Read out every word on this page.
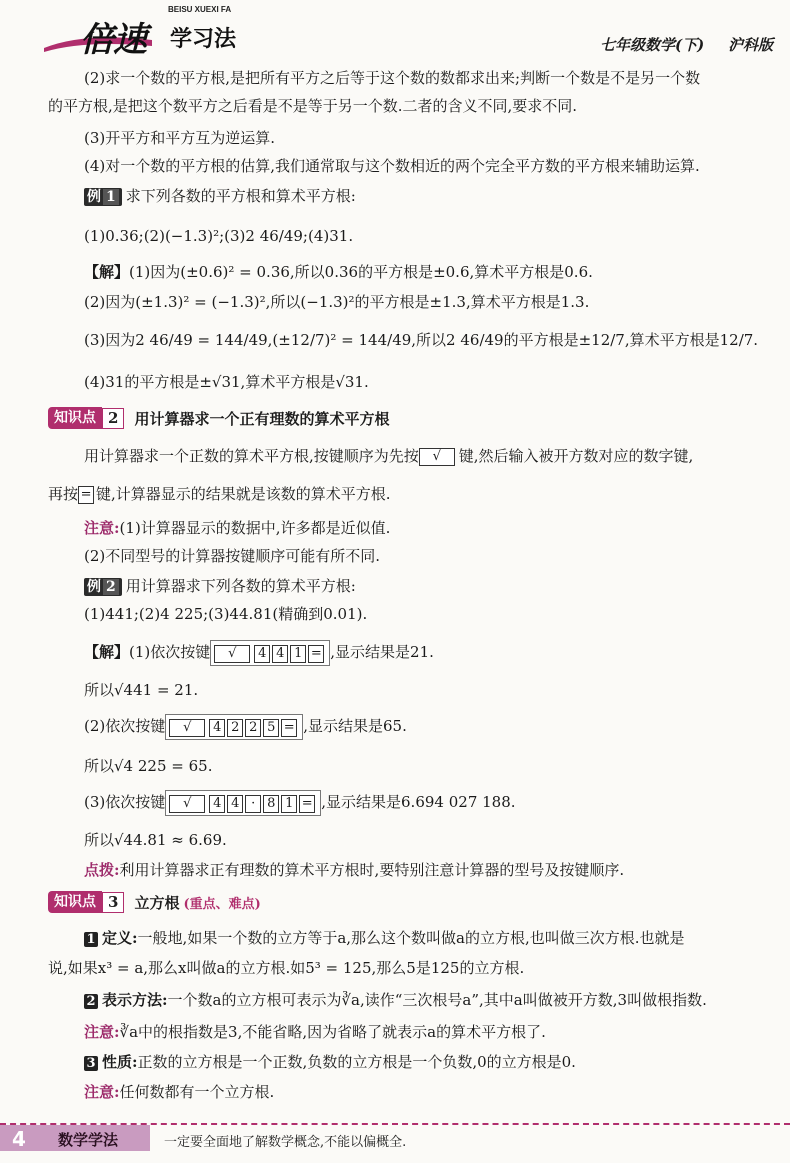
倍速
BEISU XUEXI FA
学习法	七年级数学(下) 沪科版
(2)求一个数的平方根,是把所有平方之后等于这个数的数都求出来;判断一个数是不是另一个数
的平方根,是把这个数平方之后看是不是等于另一个数.二者的含义不同,要求不同.
(3)开平方和平方互为逆运算.
(4)对一个数的平方根的估算,我们通常取与这个数相近的两个完全平方数的平方根来辅助运算.
例 1 求下列各数的平方根和算术平方根:
(1)0.36;(2)(−1.3)²;(3)2 46/49;(4)31.
【解】(1)因为(±0.6)² = 0.36,所以0.36的平方根是±0.6,算术平方根是0.6.
(2)因为(±1.3)² = (−1.3)²,所以(−1.3)²的平方根是±1.3,算术平方根是1.3.
(3)因为2 46/49 = 144/49,(±12/7)² = 144/49,所以2 46/49的平方根是±12/7,算术平方根是12/7.
(4)31的平方根是±√31,算术平方根是√31.
知识点 2	用计算器求一个正有理数的算术平方根
用计算器求一个正数的算术平方根,按键顺序为先按 √ 键,然后输入被开方数对应的数字键,
再按 = 键,计算器显示的结果就是该数的算术平方根.
注意:(1)计算器显示的数据中,许多都是近似值.
(2)不同型号的计算器按键顺序可能有所不同.
例 2 用计算器求下列各数的算术平方根:
(1)441;(2)4 225;(3)44.81(精确到0.01).
【解】(1)依次按键 √ 4 4 1 = ,显示结果是21.
所以√441 = 21.
(2)依次按键 √ 4 2 2 5 = ,显示结果是65.
所以√4 225 = 65.
(3)依次按键 √ 4 4 · 8 1 = ,显示结果是6.694 027 188.
所以√44.81 ≈ 6.69.
点拨:利用计算器求正有理数的算术平方根时,要特别注意计算器的型号及按键顺序.
知识点 3	立方根 (重点、难点)
1 定义:一般地,如果一个数的立方等于a,那么这个数叫做a的立方根,也叫做三次方根.也就是
说,如果x³ = a,那么x叫做a的立方根.如5³ = 125,那么5是125的立方根.
2 表示方法:一个数a的立方根可表示为∛a,读作“三次根号a”,其中a叫做被开方数,3叫做根指数.
注意:∛a中的根指数是3,不能省略,因为省略了就表示a的算术平方根了.
3 性质:正数的立方根是一个正数,负数的立方根是一个负数,0的立方根是0.
注意:任何数都有一个立方根.
4 数学学法	一定要全面地了解数学概念,不能以偏概全.
